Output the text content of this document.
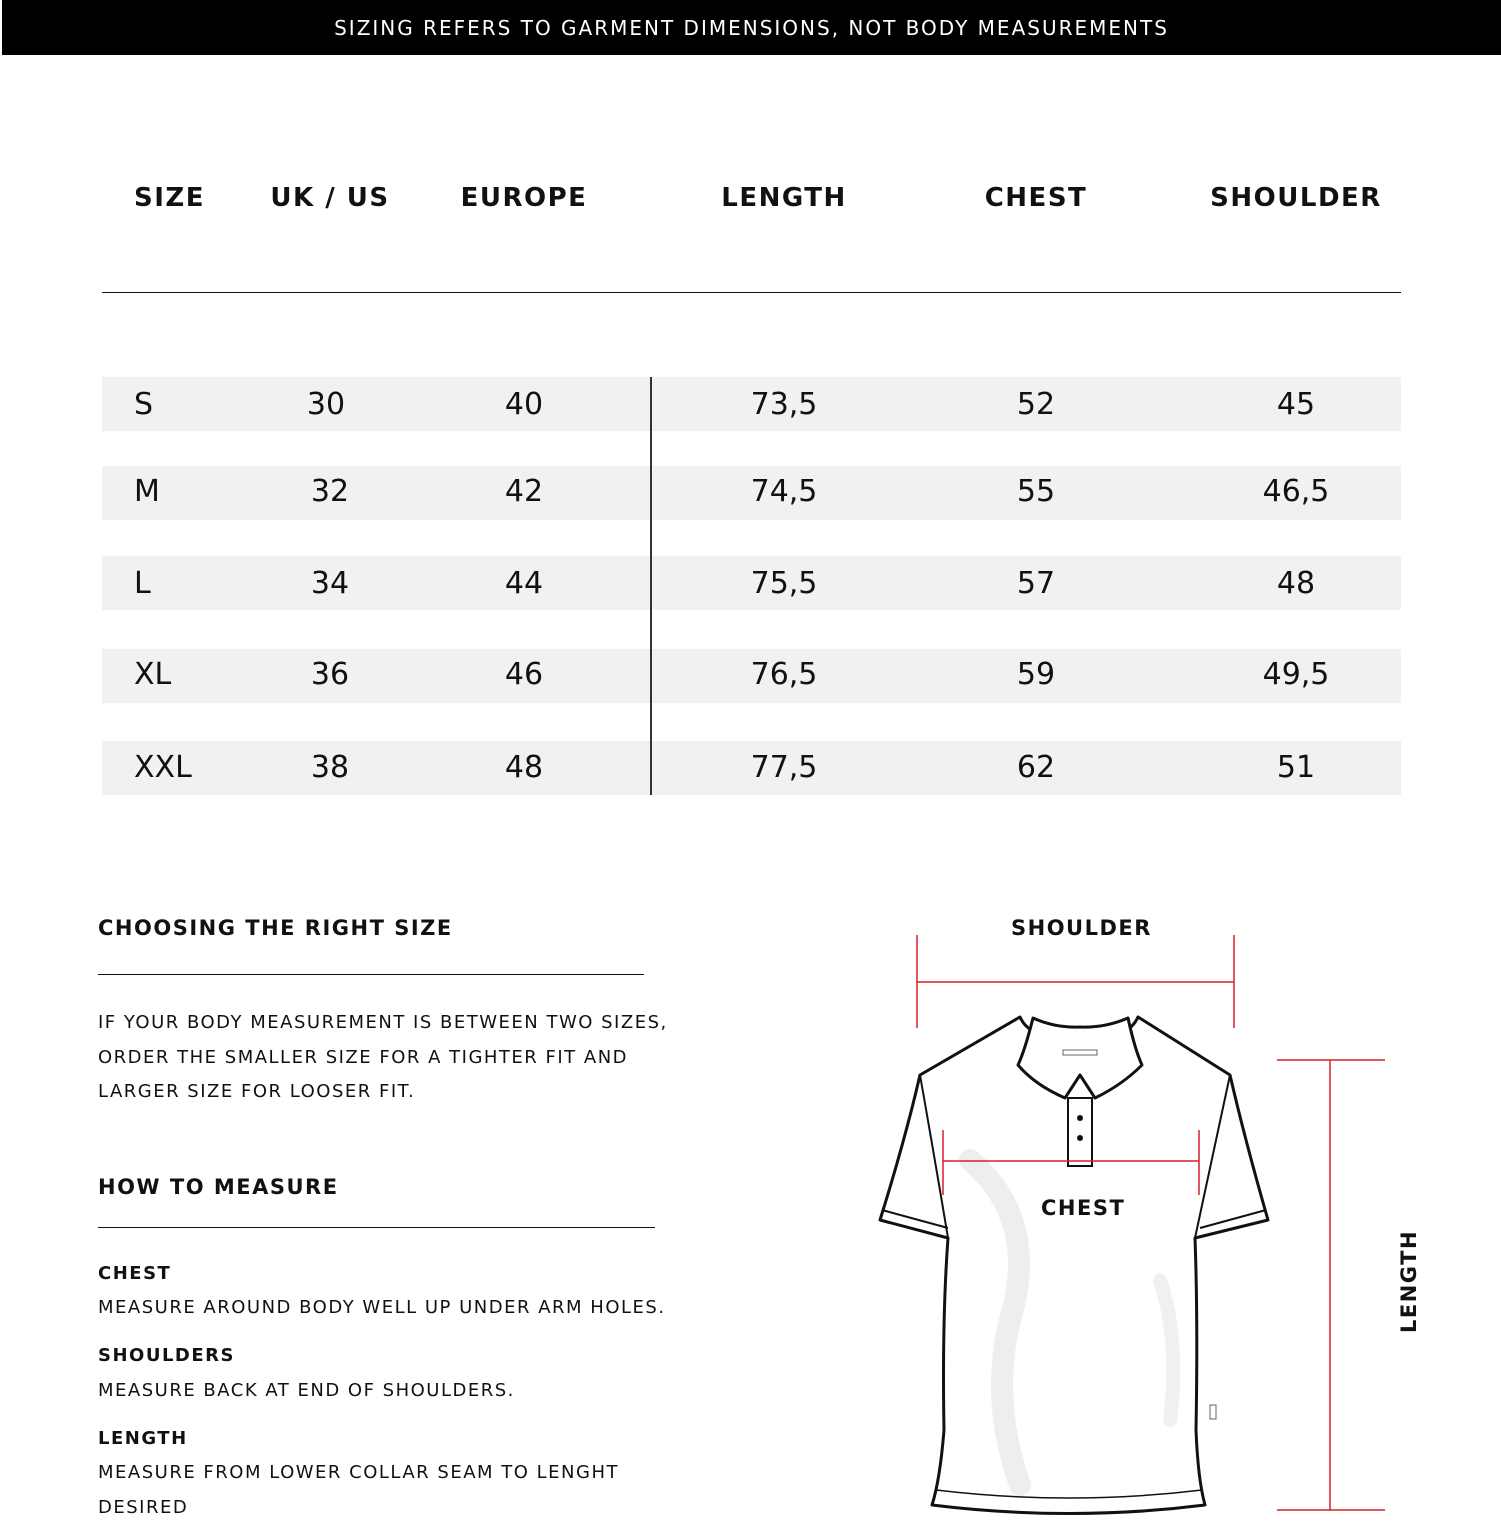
SIZING REFERS TO GARMENT DIMENSIONS, NOT BODY MEASUREMENTS
SIZE	UK / US	EUROPE	LENGTH	CHEST	SHOULDER
S	30	40	73,5	52	45
M	32	42	74,5	55	46,5
L	34	44	75,5	57	48
XL	36	46	76,5	59	49,5
XXL	38	48	77,5	62	51
CHOOSING THE RIGHT SIZE
IF YOUR BODY MEASUREMENT IS BETWEEN TWO SIZES,
ORDER THE SMALLER SIZE FOR A TIGHTER FIT AND
LARGER SIZE FOR LOOSER FIT.
HOW TO MEASURE
CHEST
MEASURE AROUND BODY WELL UP UNDER ARM HOLES.
SHOULDERS
MEASURE BACK AT END OF SHOULDERS.
LENGTH
MEASURE FROM LOWER COLLAR SEAM TO LENGHT
DESIRED
SHOULDER
CHEST
LENGTH
